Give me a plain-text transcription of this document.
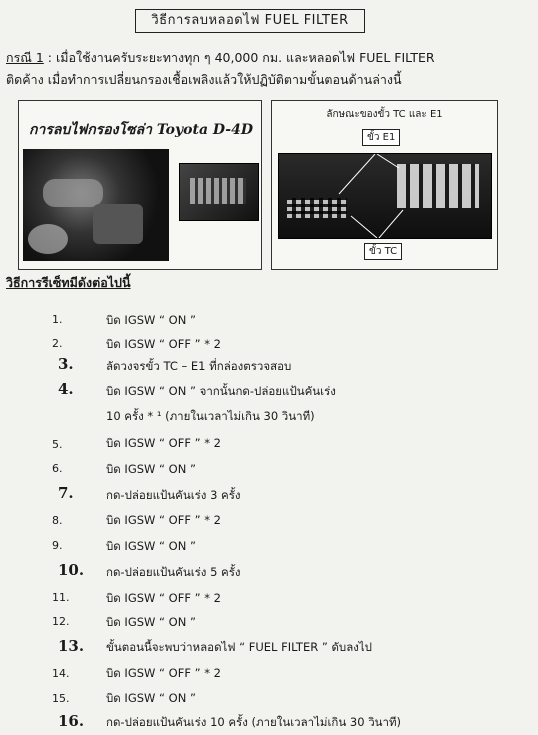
วิธีการลบหลอดไฟ FUEL FILTER
กรณี 1 : เมื่อใช้งานครับระยะทางทุก ๆ 40,000 กม. และหลอดไฟ FUEL FILTER
ติดค้าง เมื่อทำการเปลี่ยนกรองเชื้อเพลิงแล้วให้ปฏิบัติตามขั้นตอนด้านล่างนี้
การลบไฟกรองโซล่า Toyota D-4D
ลักษณะของขั้ว TC และ E1
ขั้ว E1
ขั้ว TC
วิธีการรีเซ็ทมีดังต่อไปนี้
1.	บิด IGSW “ ON ”
2.	บิด IGSW “ OFF ” * 2
3.	ลัดวงจรขั้ว TC – E1 ที่กล่องตรวจสอบ
4.	บิด IGSW “ ON ” จากนั้นกด-ปล่อยแป้นคันเร่ง
10 ครั้ง * ¹ (ภายในเวลาไม่เกิน 30 วินาที)
5.	บิด IGSW “ OFF ” * 2
6.	บิด IGSW “ ON ”
7.	กด-ปล่อยแป้นคันเร่ง 3 ครั้ง
8.	บิด IGSW “ OFF ” * 2
9.	บิด IGSW “ ON ”
10.	กด-ปล่อยแป้นคันเร่ง 5 ครั้ง
11.	บิด IGSW “ OFF ” * 2
12.	บิด IGSW “ ON ”
13.	ขั้นตอนนี้จะพบว่าหลอดไฟ “ FUEL FILTER ” ดับลงไป
14.	บิด IGSW “ OFF ” * 2
15.	บิด IGSW “ ON ”
16.	กด-ปล่อยแป้นคันเร่ง 10 ครั้ง (ภายในเวลาไม่เกิน 30 วินาที)
